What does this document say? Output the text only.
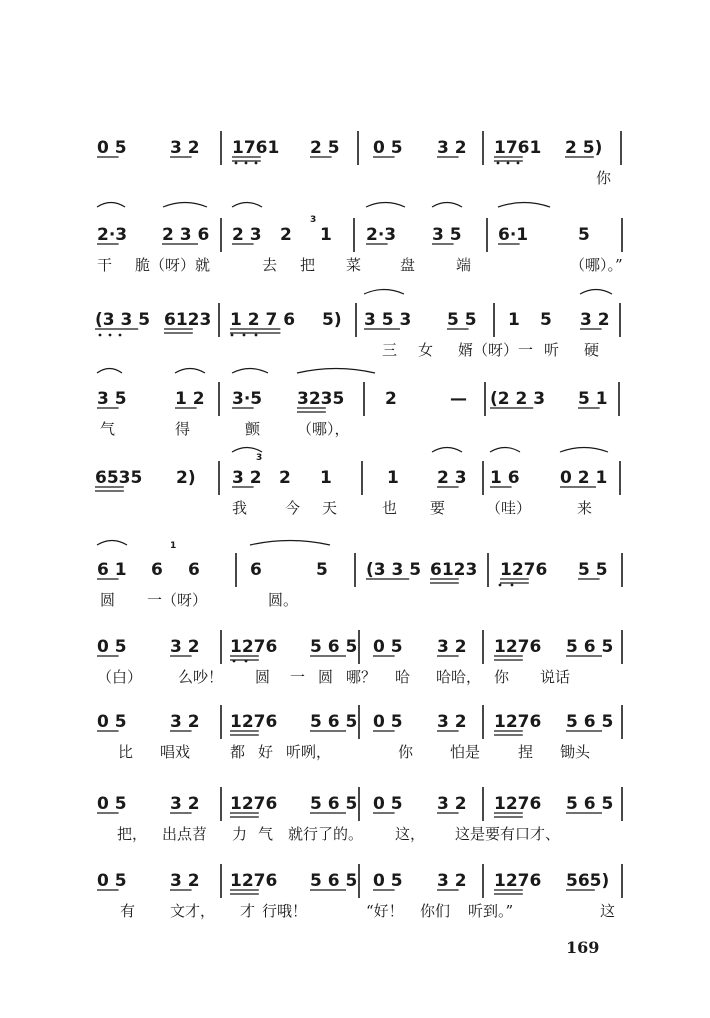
0 5	3 2 1761 2 5 0 5 3 2 1761 2 5)
你
2·3 2 3 6 2 3 2 1 2·3 3 5 6·1	5
干 脆（呀）就	去 把 菜	盘	端	（哪）。”
(3 3 5 6123 1 2 7 6 5) 3 5 3 5 5 1 5 3 2
三 女 婿（呀）一 听 硬
3 5	1 2 3·5 3235 2	— (2 2 3 5 1
气	得	颤 （哪），
6535 2) 3 2 2 1	1 2 3 1 6 0 2 1
我	今 天	也 要	（哇）	来
6 1 6 6	6	5 (3 3 5 6123 1276 5 5
圆 一（呀）	圆。
0 5	3 2 1276 5 6 5 0 5 3 2 1276 5 6 5
（白） 么吵！ 圆 一 圆 哪？ 哈 哈哈， 你 说话
0 5	3 2 1276 5 6 5 0 5 3 2 1276 5 6 5
比 唱戏	都 好 听咧，	你 怕是	捏 锄头
0 5	3 2 1276 5 6 5 0 5 3 2 1276 5 6 5
把， 出点苕 力 气 就行了的。 这， 这是要有口才、
0 5	3 2 1276 5 6 5 0 5 3 2 1276 565)
有 文才， 才 行哦！	“好！ 你们 听到。”	这
3
3
1
169
